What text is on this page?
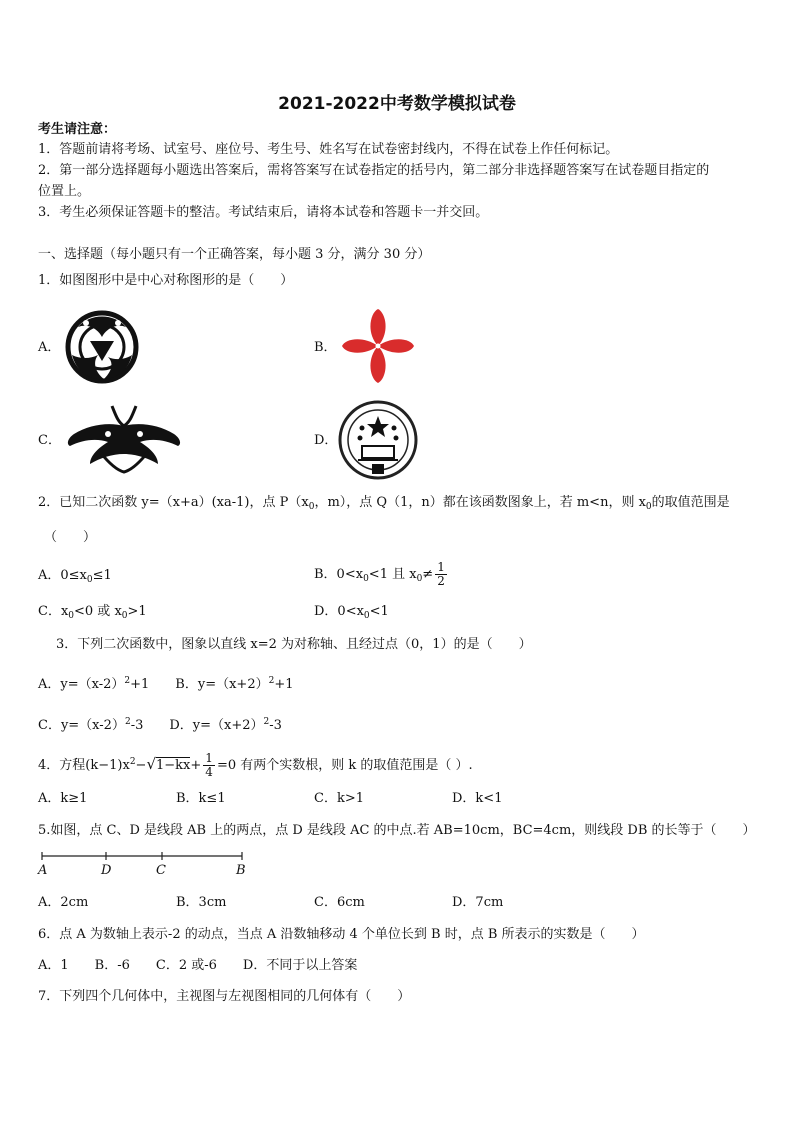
2021-2022中考数学模拟试卷
考生请注意：
1．答题前请将考场、试室号、座位号、考生号、姓名写在试卷密封线内，不得在试卷上作任何标记。
2．第一部分选择题每小题选出答案后，需将答案写在试卷指定的括号内，第二部分非选择题答案写在试卷题目指定的
位置上。
3．考生必须保证答题卡的整洁。考试结束后，请将本试卷和答题卡一并交回。
一、选择题（每小题只有一个正确答案，每小题 3 分，满分 30 分）
1．如图图形中是中心对称图形的是（　　）
A．	B．
C．	D．
2．已知二次函数 y=（x+a）(xa-1)，点 $P(x_0$，m），点 Q（1，n）都在该函数图象上，若 m<n，则 $x_0$的取值范围是
（　　）
A．$0\le x_0\le 1$	B．$0<x_0<1$ 且 $x_0\ne \frac{1}{2}$
C．$x_0<0$ 或 $x_0>1$	D．$0<x_0<1$
3．下列二次函数中，图象以直线 x=2 为对称轴、且经过点（0，1）的是（　　）
A．$y=(x-2)^2+1$　　B．$y=(x+2)^2+1$
C．$y=(x-2)^2-3$　　D．$y=(x+2)^2-3$
4．方程$(k-1)x^2-√1-kx+ \frac{1}{4} =0$ 有两个实数根，则 k 的取值范围是（ ）.
A．k≥1	B．k≤1	C．k>1	D．k<1
5.如图，点 C、D 是线段 AB 上的两点，点 D 是线段 AC 的中点.若 AB=10cm，BC=4cm，则线段 DB 的长等于（　　）
A	D	C	B
A．2cm	B．3cm	C．6cm	D．7cm
6．点 A 为数轴上表示-2 的动点，当点 A 沿数轴移动 4 个单位长到 B 时，点 B 所表示的实数是（　　）
A．1　　B．-6　　C．2 或-6　　D．不同于以上答案
7．下列四个几何体中，主视图与左视图相同的几何体有（　　）
